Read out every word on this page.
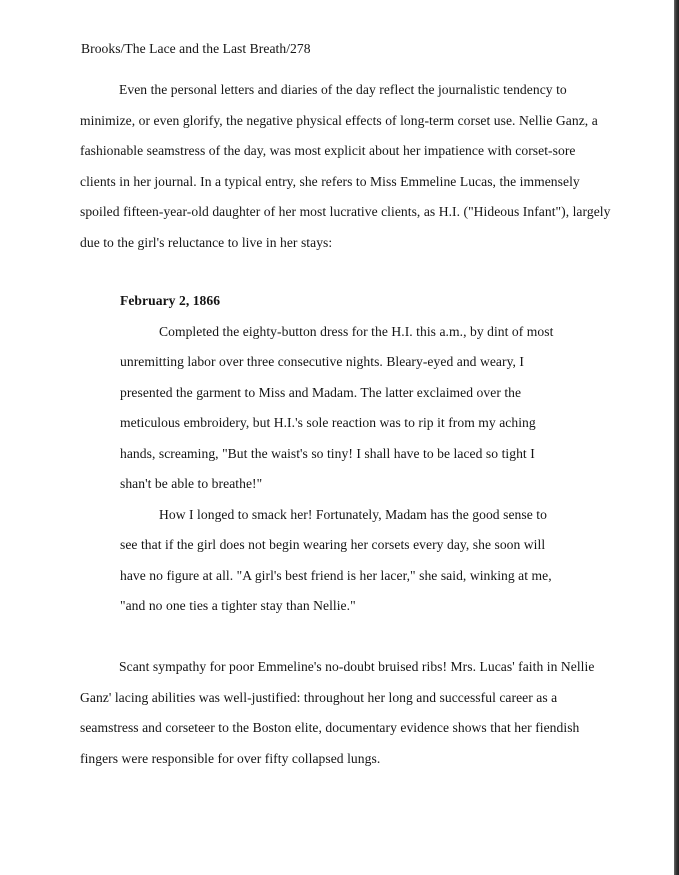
Brooks/The Lace and the Last Breath/278

Even the personal letters and diaries of the day reflect the journalistic tendency to
minimize, or even glorify, the negative physical effects of long-term corset use. Nellie Ganz, a
fashionable seamstress of the day, was most explicit about her impatience with corset-sore
clients in her journal. In a typical entry, she refers to Miss Emmeline Lucas, the immensely
spoiled fifteen-year-old daughter of her most lucrative clients, as H.I. ("Hideous Infant"), largely
due to the girl's reluctance to live in her stays:

February 2, 1866

Completed the eighty-button dress for the H.I. this a.m., by dint of most
unremitting labor over three consecutive nights. Bleary-eyed and weary, I
presented the garment to Miss and Madam. The latter exclaimed over the
meticulous embroidery, but H.I.'s sole reaction was to rip it from my aching
hands, screaming, "But the waist's so tiny! I shall have to be laced so tight I
shan't be able to breathe!"

How I longed to smack her! Fortunately, Madam has the good sense to
see that if the girl does not begin wearing her corsets every day, she soon will
have no figure at all. "A girl's best friend is her lacer," she said, winking at me,
"and no one ties a tighter stay than Nellie."

Scant sympathy for poor Emmeline's no-doubt bruised ribs! Mrs. Lucas' faith in Nellie
Ganz' lacing abilities was well-justified: throughout her long and successful career as a
seamstress and corseteer to the Boston elite, documentary evidence shows that her fiendish
fingers were responsible for over fifty collapsed lungs.
